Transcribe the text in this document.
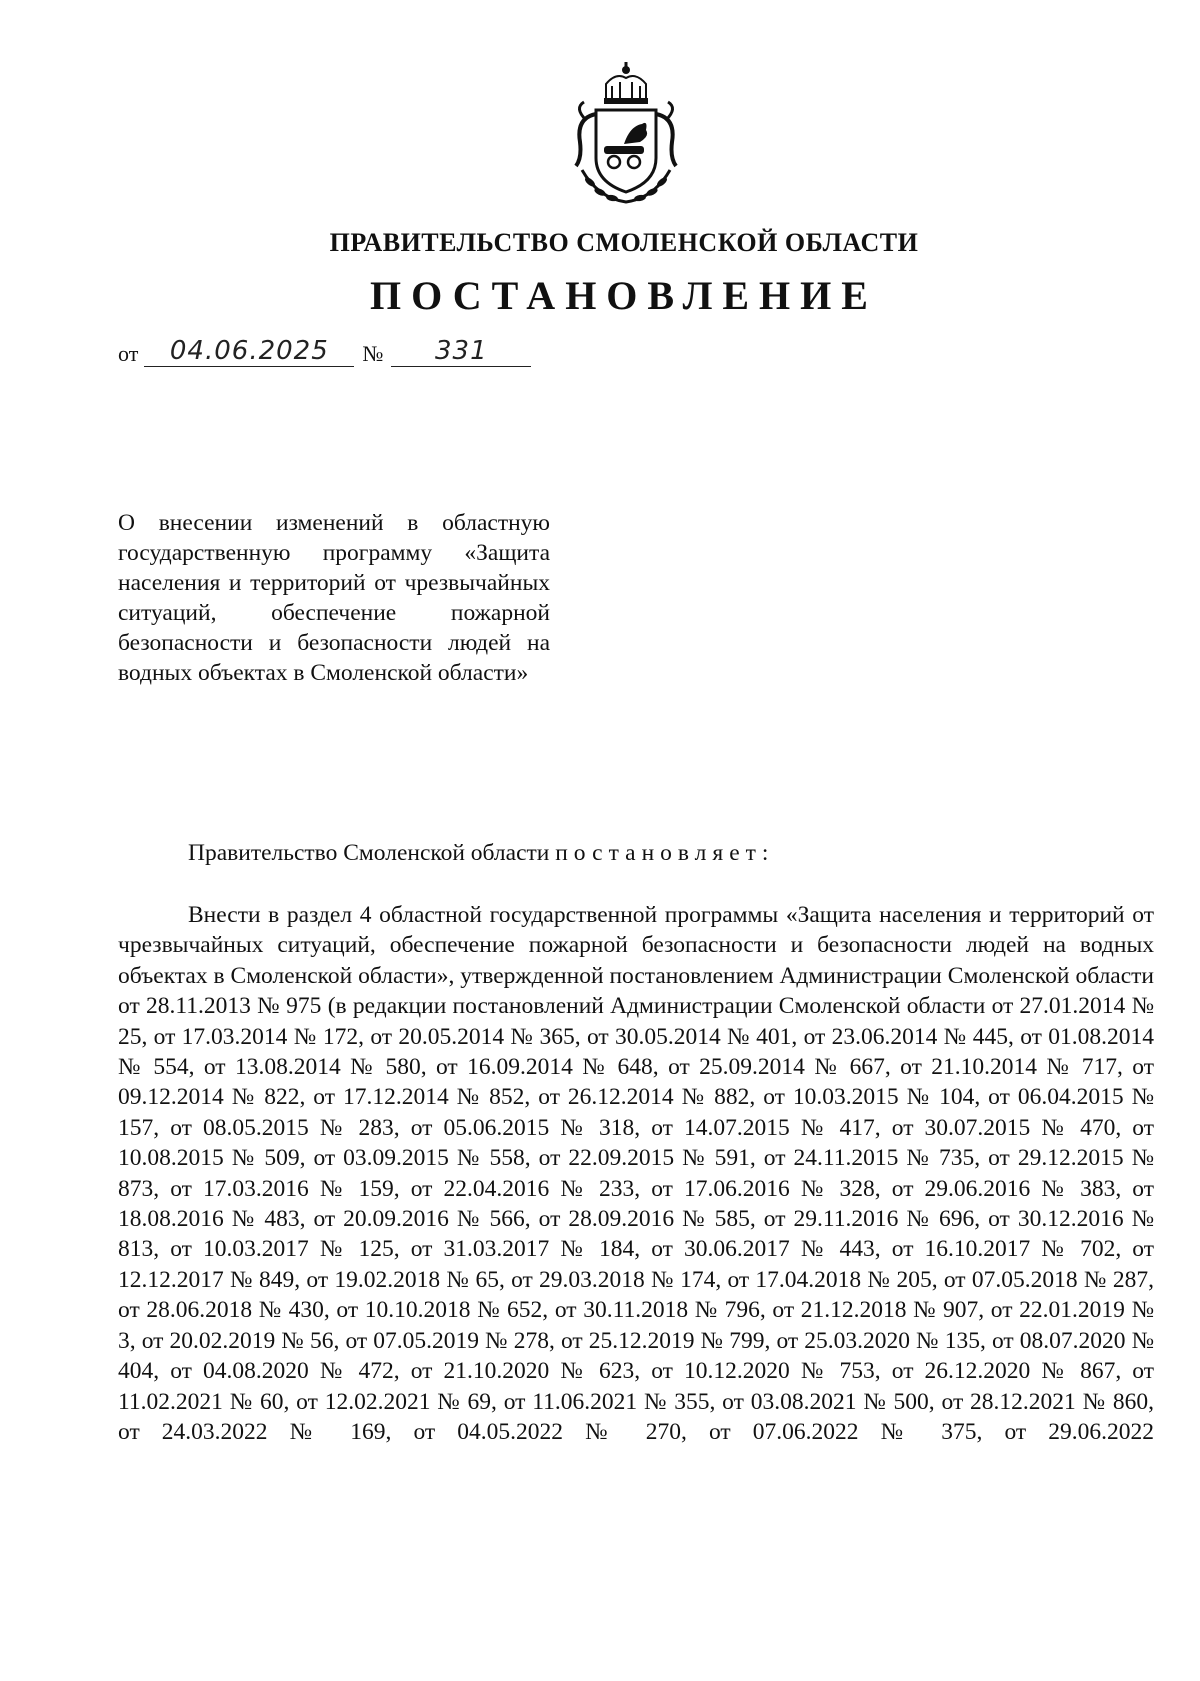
ПРАВИТЕЛЬСТВО СМОЛЕНСКОЙ ОБЛАСТИ
ПОСТАНОВЛЕНИЕ
от	04.06.2025	№	331
О внесении изменений в областную государственную программу «Защита населения и территорий от чрезвычайных ситуаций, обеспечение пожарной безопасности и безопасности людей на водных объектах в Смоленской области»
Правительство Смоленской области постановляет:
Внести в раздел 4 областной государственной программы «Защита населения и территорий от чрезвычайных ситуаций, обеспечение пожарной безопасности и безопасности людей на водных объектах в Смоленской области», утвержденной постановлением Администрации Смоленской области от 28.11.2013 № 975 (в редакции постановлений Администрации Смоленской области от 27.01.2014 № 25, от 17.03.2014 № 172, от 20.05.2014 № 365, от 30.05.2014 № 401, от 23.06.2014 № 445, от 01.08.2014 № 554, от 13.08.2014 № 580, от 16.09.2014 № 648, от 25.09.2014 № 667, от 21.10.2014 № 717, от 09.12.2014 № 822, от 17.12.2014 № 852, от 26.12.2014 № 882, от 10.03.2015 № 104, от 06.04.2015 № 157, от 08.05.2015 № 283, от 05.06.2015 № 318, от 14.07.2015 № 417, от 30.07.2015 № 470, от 10.08.2015 № 509, от 03.09.2015 № 558, от 22.09.2015 № 591, от 24.11.2015 № 735, от 29.12.2015 № 873, от 17.03.2016 № 159, от 22.04.2016 № 233, от 17.06.2016 № 328, от 29.06.2016 № 383, от 18.08.2016 № 483, от 20.09.2016 № 566, от 28.09.2016 № 585, от 29.11.2016 № 696, от 30.12.2016 № 813, от 10.03.2017 № 125, от 31.03.2017 № 184, от 30.06.2017 № 443, от 16.10.2017 № 702, от 12.12.2017 № 849, от 19.02.2018 № 65, от 29.03.2018 № 174, от 17.04.2018 № 205, от 07.05.2018 № 287, от 28.06.2018 № 430, от 10.10.2018 № 652, от 30.11.2018 № 796, от 21.12.2018 № 907, от 22.01.2019 № 3, от 20.02.2019 № 56, от 07.05.2019 № 278, от 25.12.2019 № 799, от 25.03.2020 № 135, от 08.07.2020 № 404, от 04.08.2020 № 472, от 21.10.2020 № 623, от 10.12.2020 № 753, от 26.12.2020 № 867, от 11.02.2021 № 60, от 12.02.2021 № 69, от 11.06.2021 № 355, от 03.08.2021 № 500, от 28.12.2021 № 860, от 24.03.2022 № 169, от 04.05.2022 № 270, от 07.06.2022 № 375, от 29.06.2022
